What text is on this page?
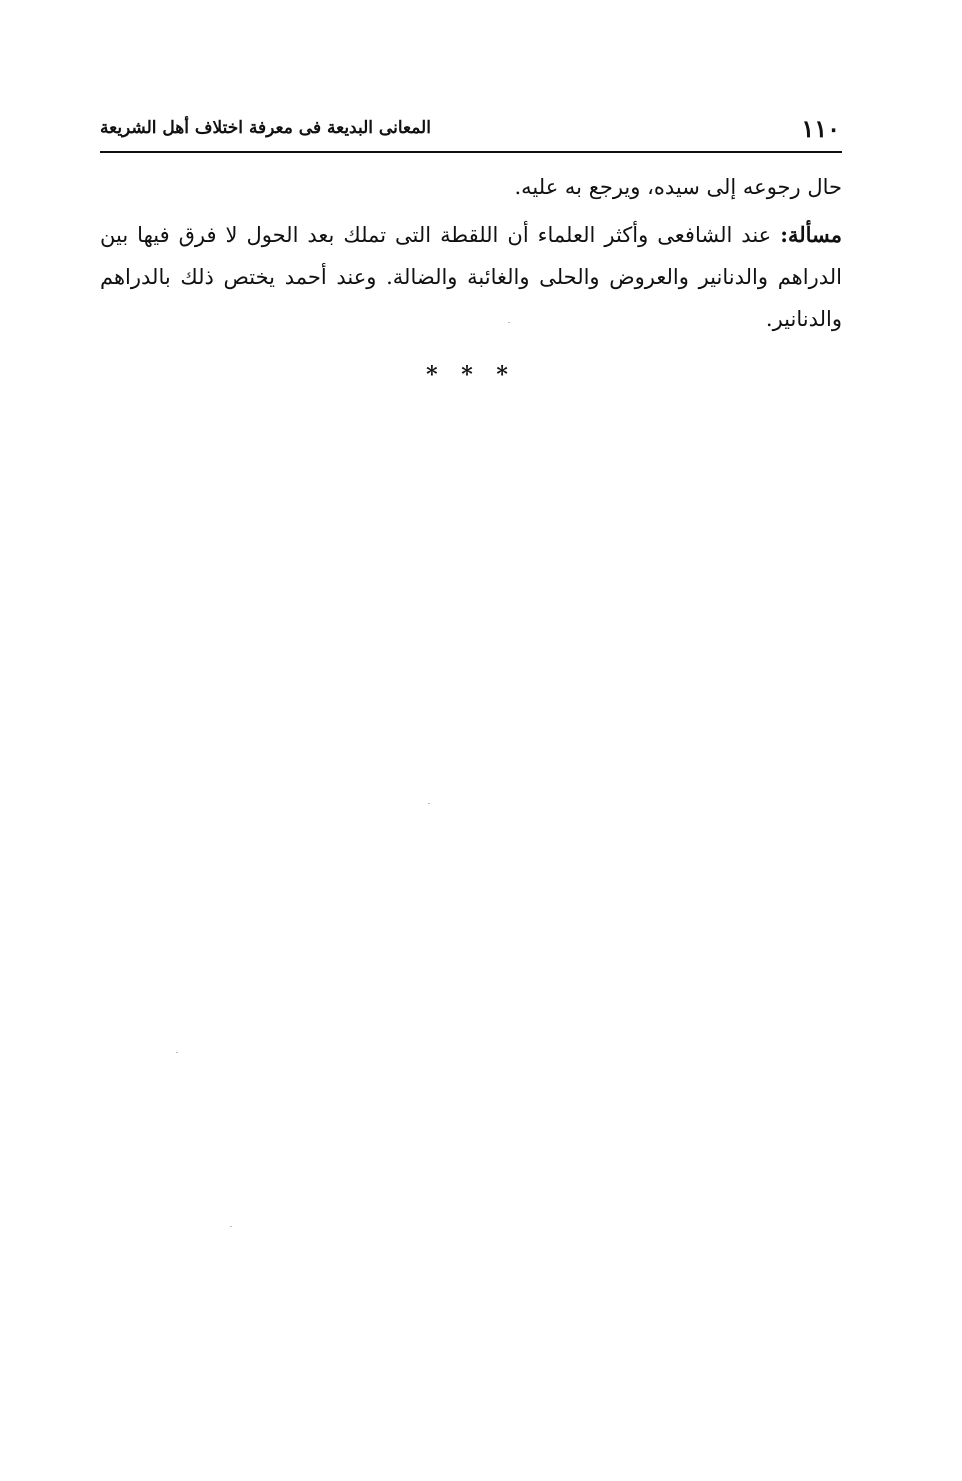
١١٠
المعانى البديعة فى معرفة اختلاف أهل الشريعة

حال رجوعه إلى سيده، ويرجع به عليه.

مسألة: عند الشافعى وأكثر العلماء أن اللقطة التى تملك بعد الحول لا فرق فيها بين الدراهم والدنانير والعروض والحلى والغائبة والضالة. وعند أحمد يختص ذلك بالدراهم والدنانير.

* * *
